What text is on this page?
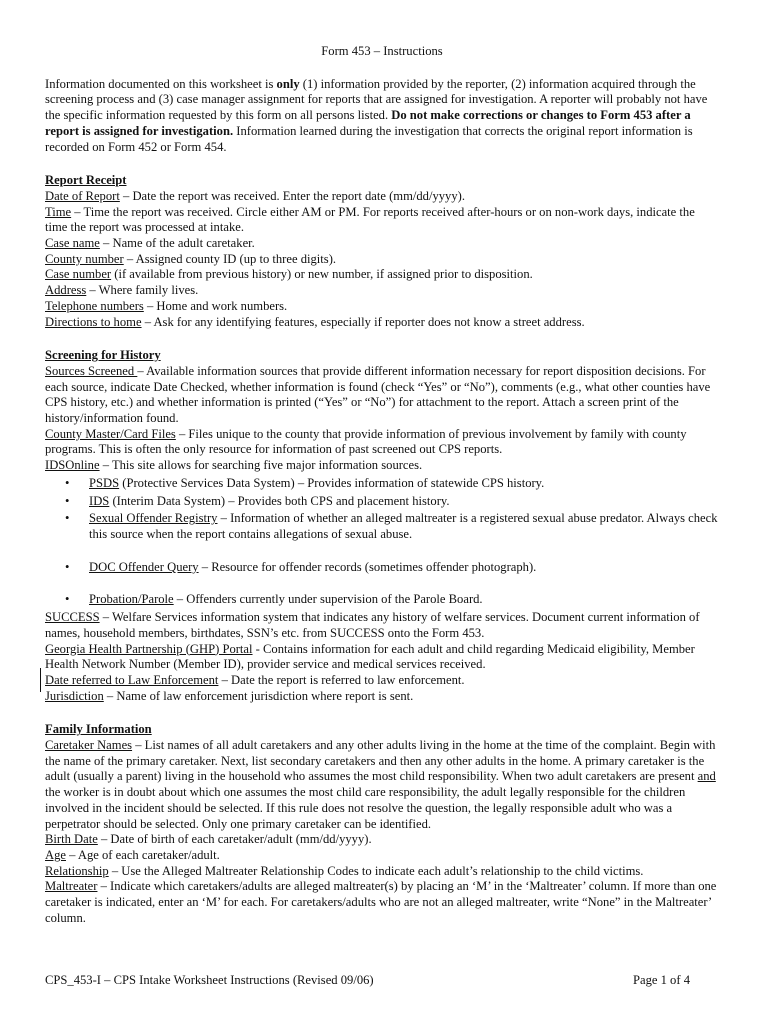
Form 453 – Instructions

Information documented on this worksheet is only (1) information provided by the reporter, (2) information acquired through the screening process and (3) case manager assignment for reports that are assigned for investigation. A reporter will probably not have the specific information requested by this form on all persons listed. Do not make corrections or changes to Form 453 after a report is assigned for investigation. Information learned during the investigation that corrects the original report information is recorded on Form 452 or Form 454.

Report Receipt

Date of Report – Date the report was received. Enter the report date (mm/dd/yyyy).

Time – Time the report was received. Circle either AM or PM. For reports received after-hours or on non-work days, indicate the time the report was processed at intake.

Case name – Name of the adult caretaker.

County number – Assigned county ID (up to three digits).

Case number (if available from previous history) or new number, if assigned prior to disposition.

Address – Where family lives.

Telephone numbers – Home and work numbers.

Directions to home – Ask for any identifying features, especially if reporter does not know a street address.

Screening for History

Sources Screened – Available information sources that provide different information necessary for report disposition decisions. For each source, indicate Date Checked, whether information is found (check “Yes” or “No”), comments (e.g., what other counties have CPS history, etc.) and whether information is printed (“Yes” or “No”) for attachment to the report. Attach a screen print of the history/information found.

County Master/Card Files – Files unique to the county that provide information of previous involvement by family with county programs. This is often the only resource for information of past screened out CPS reports.

IDSOnline – This site allows for searching five major information sources.

• PSDS (Protective Services Data System) – Provides information of statewide CPS history.
• IDS (Interim Data System) – Provides both CPS and placement history.
• Sexual Offender Registry – Information of whether an alleged maltreater is a registered sexual abuse predator. Always check this source when the report contains allegations of sexual abuse.
• DOC Offender Query – Resource for offender records (sometimes offender photograph).
• Probation/Parole – Offenders currently under supervision of the Parole Board.

SUCCESS – Welfare Services information system that indicates any history of welfare services. Document current information of names, household members, birthdates, SSN’s etc. from SUCCESS onto the Form 453.

Georgia Health Partnership (GHP) Portal - Contains information for each adult and child regarding Medicaid eligibility, Member Health Network Number (Member ID), provider service and medical services received.

Date referred to Law Enforcement – Date the report is referred to law enforcement.

Jurisdiction – Name of law enforcement jurisdiction where report is sent.

Family Information

Caretaker Names – List names of all adult caretakers and any other adults living in the home at the time of the complaint. Begin with the name of the primary caretaker. Next, list secondary caretakers and then any other adults in the home. A primary caretaker is the adult (usually a parent) living in the household who assumes the most child responsibility. When two adult caretakers are present and the worker is in doubt about which one assumes the most child care responsibility, the adult legally responsible for the children involved in the incident should be selected. If this rule does not resolve the question, the legally responsible adult who was a perpetrator should be selected. Only one primary caretaker can be identified.

Birth Date – Date of birth of each caretaker/adult (mm/dd/yyyy).

Age – Age of each caretaker/adult.

Relationship – Use the Alleged Maltreater Relationship Codes to indicate each adult’s relationship to the child victims.

Maltreater – Indicate which caretakers/adults are alleged maltreater(s) by placing an ‘M’ in the ‘Maltreater’ column. If more than one caretaker is indicated, enter an ‘M’ for each. For caretakers/adults who are not an alleged maltreater, write “None” in the Maltreater’ column.

CPS_453-I – CPS Intake Worksheet Instructions (Revised 09/06)	Page 1 of 4
